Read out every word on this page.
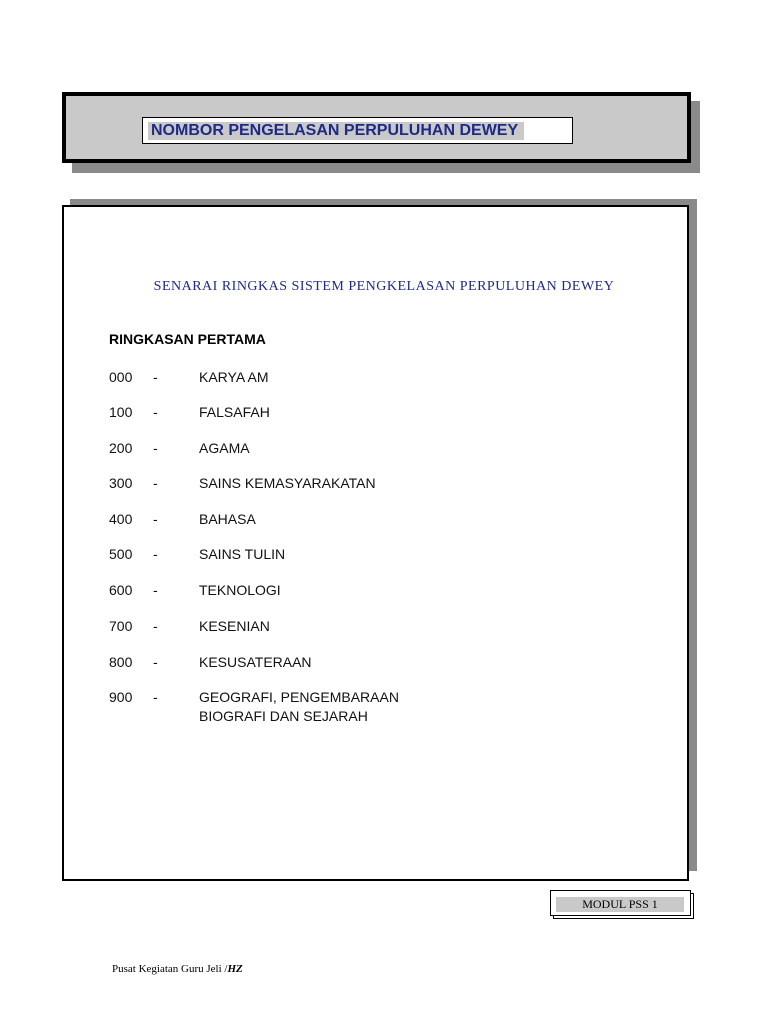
NOMBOR PENGELASAN PERPULUHAN DEWEY
SENARAI RINGKAS SISTEM PENGKELASAN PERPULUHAN DEWEY
RINGKASAN PERTAMA
000 -	KARYA AM
100 -	FALSAFAH
200 -	AGAMA
300 -	SAINS KEMASYARAKATAN
400 -	BAHASA
500 -	SAINS TULIN
600 -	TEKNOLOGI
700 -	KESENIAN
800 -	KESUSATERAAN
900 -	GEOGRAFI, PENGEMBARAAN
BIOGRAFI DAN SEJARAH
MODUL PSS 1
Pusat Kegiatan Guru Jeli /HZ
